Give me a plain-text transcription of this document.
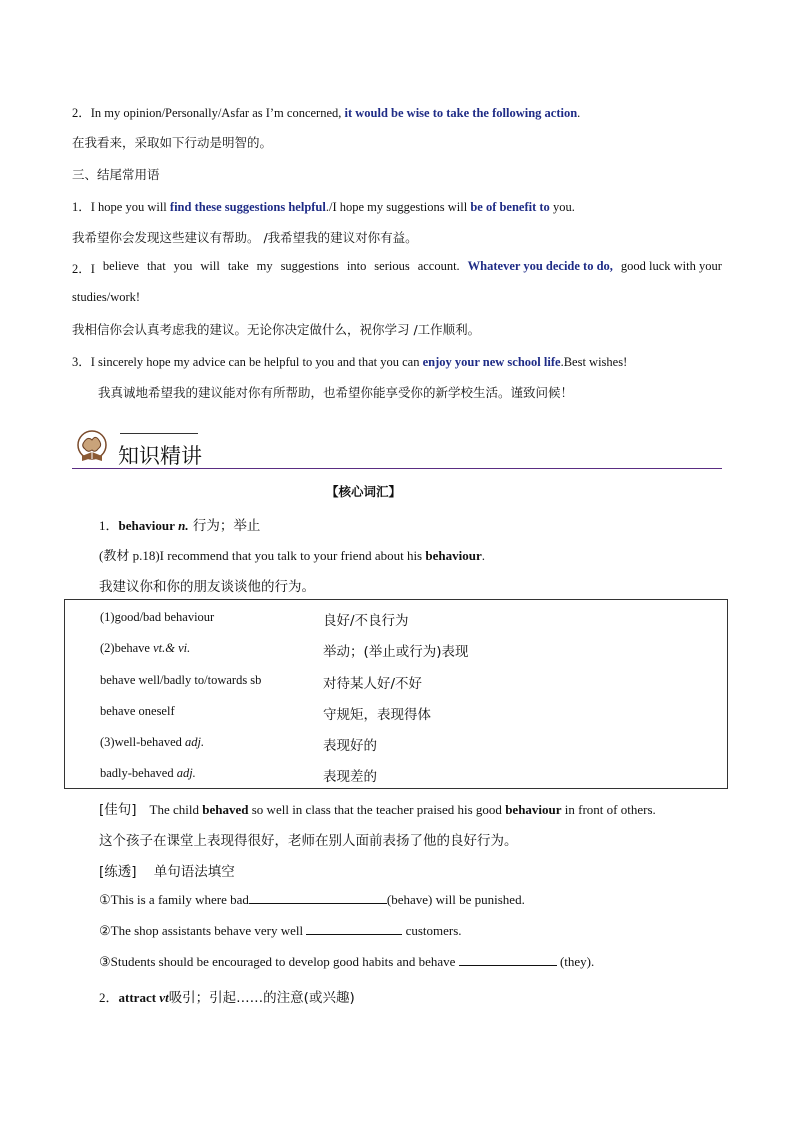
2．In my opinion/Personally/Asfar as I’m concerned, it would be wise to take the following action.
在我看来，采取如下行动是明智的。
三、结尾常用语
1．I hope you will find these suggestions helpful./I hope my suggestions will be of benefit to you.
我希望你会发现这些建议有帮助。 /我希望我的建议对你有益。
2．I believe that you will take my suggestions into serious account. Whatever you decide to do, good luck with your
studies/work!
我相信你会认真考虑我的建议。无论你决定做什么，祝你学习 /工作顺利。
3．I sincerely hope my advice can be helpful to you and that you can enjoy your new school life.Best wishes!
我真诚地希望我的建议能对你有所帮助，也希望你能享受你的新学校生活。谨致问候！
知识精讲
【核心词汇】
1．behaviour n. 行为；举止
(教材 p.18)I recommend that you talk to your friend about his behaviour.
我建议你和你的朋友谈谈他的行为。
(1)good/bad behaviour	良好/不良行为
(2)behave vt.& vi.	举动；(举止或行为)表现
behave well/badly to/towards sb	对待某人好/不好
behave oneself	守规矩，表现得体
(3)well-behaved adj.	表现好的
badly-behaved adj.	表现差的
[佳句] The child behaved so well in class that the teacher praised his good behaviour in front of others.
这个孩子在课堂上表现得很好，老师在别人面前表扬了他的良好行为。
[练透] 单句语法填空
①This is a family where bad	(behave) will be punished.
②The shop assistants behave very well	customers.
③Students should be encouraged to develop good habits and behave	(they).
2．attract vt吸引；引起……的注意(或兴趣)
